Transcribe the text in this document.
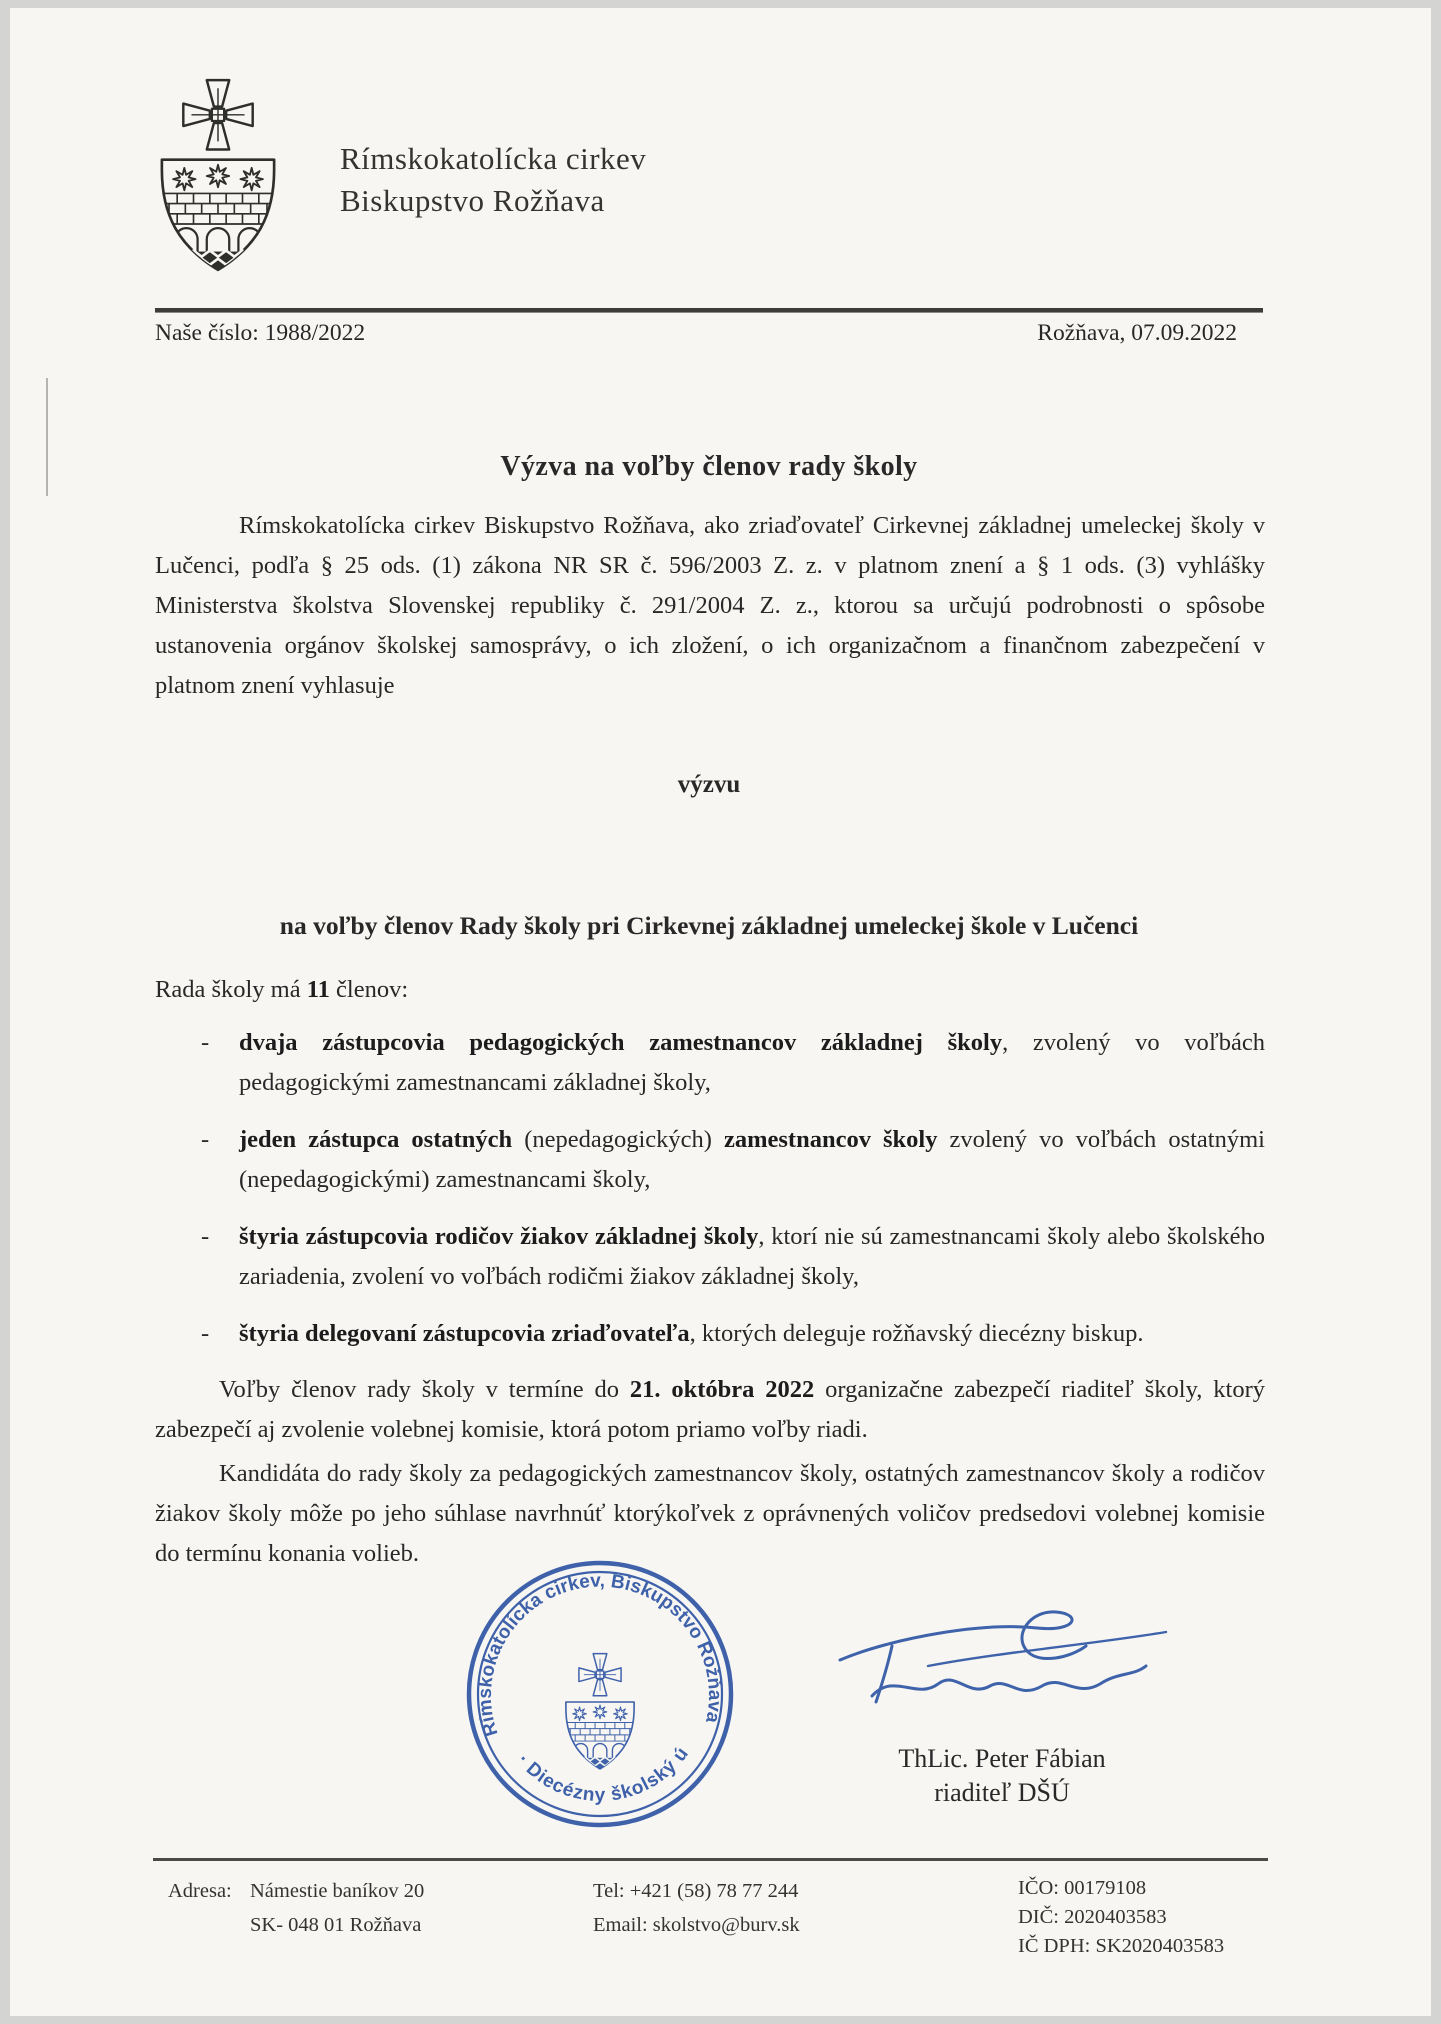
Rímskokatolícka cirkev
Biskupstvo Rožňava
Naše číslo: 1988/2022	Rožňava, 07.09.2022
Výzva na voľby členov rady školy
Rímskokatolícka cirkev Biskupstvo Rožňava, ako zriaďovateľ Cirkevnej základnej umeleckej školy v Lučenci, podľa § 25 ods. (1) zákona NR SR č. 596/2003 Z. z. v platnom znení a § 1 ods. (3) vyhlášky Ministerstva školstva Slovenskej republiky č. 291/2004 Z. z., ktorou sa určujú podrobnosti o spôsobe ustanovenia orgánov školskej samosprávy, o ich zložení, o ich organizačnom a finančnom zabezpečení v platnom znení vyhlasuje
výzvu
na voľby členov Rady školy pri Cirkevnej základnej umeleckej škole v Lučenci
Rada školy má 11 členov:
-	dvaja zástupcovia pedagogických zamestnancov základnej školy, zvolený vo voľbách pedagogickými zamestnancami základnej školy,
-	jeden zástupca ostatných (nepedagogických) zamestnancov školy zvolený vo voľbách ostatnými (nepedagogickými) zamestnancami školy,
-	štyria zástupcovia rodičov žiakov základnej školy, ktorí nie sú zamestnancami školy alebo školského zariadenia, zvolení vo voľbách rodičmi žiakov základnej školy,
-	štyria delegovaní zástupcovia zriaďovateľa, ktorých deleguje rožňavský diecézny biskup.
Voľby členov rady školy v termíne do 21. októbra 2022 organizačne zabezpečí riaditeľ školy, ktorý zabezpečí aj zvolenie volebnej komisie, ktorá potom priamo voľby riadi.
Kandidáta do rady školy za pedagogických zamestnancov školy, ostatných zamestnancov školy a rodičov žiakov školy môže po jeho súhlase navrhnúť ktorýkoľvek z oprávnených voličov predsedovi volebnej komisie do termínu konania volieb.
Rímskokatolícka cirkev, Biskupstvo Rožňava
· Diecézny školský úrad ·
ThLic. Peter Fábian
riaditeľ DŠÚ
Adresa: Námestie baníkov 20
SK- 048 01 Rožňava
Tel: +421 (58) 78 77 244
Email: skolstvo@burv.sk
IČO: 00179108
DIČ: 2020403583
IČ DPH: SK2020403583
